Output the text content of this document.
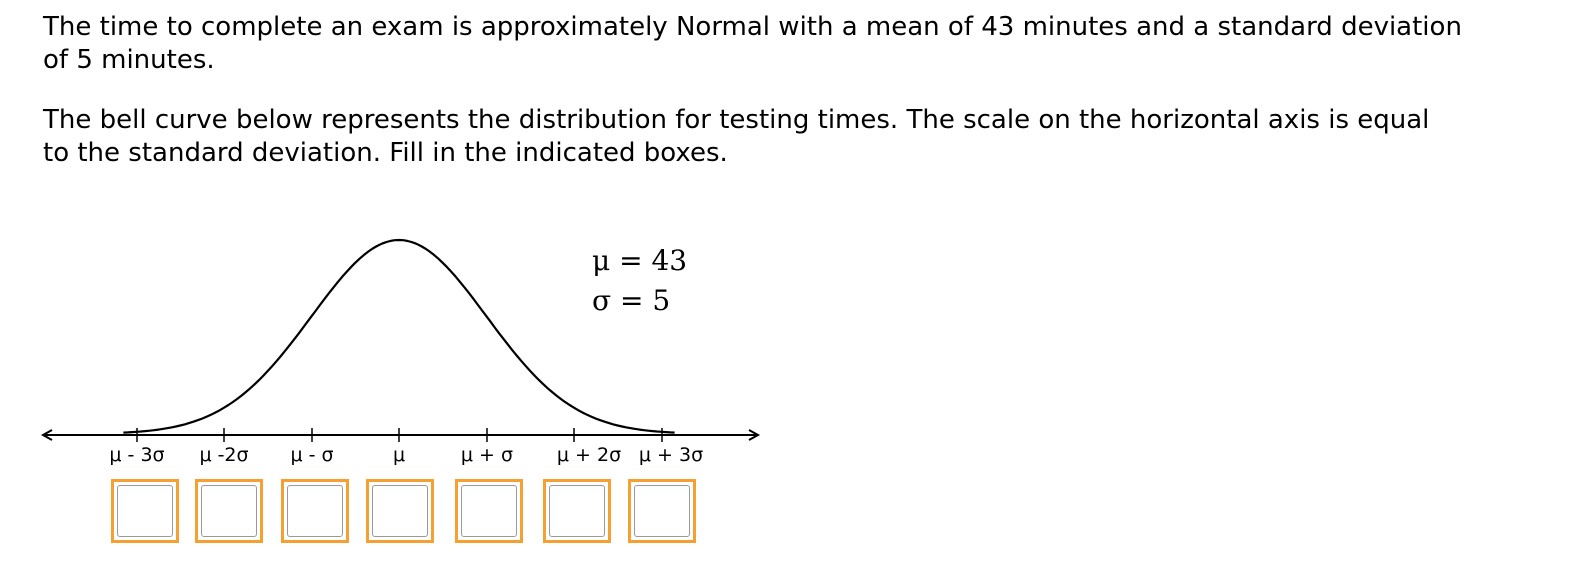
The time to complete an exam is approximately Normal with a mean of 43 minutes and a standard deviation of 5 minutes.

The bell curve below represents the distribution for testing times. The scale on the horizontal axis is equal to the standard deviation. Fill in the indicated boxes.

μ = 43
σ = 5
μ - 3σ μ -2σ μ - σ	μ	μ + σ μ + 2σ μ + 3σ
